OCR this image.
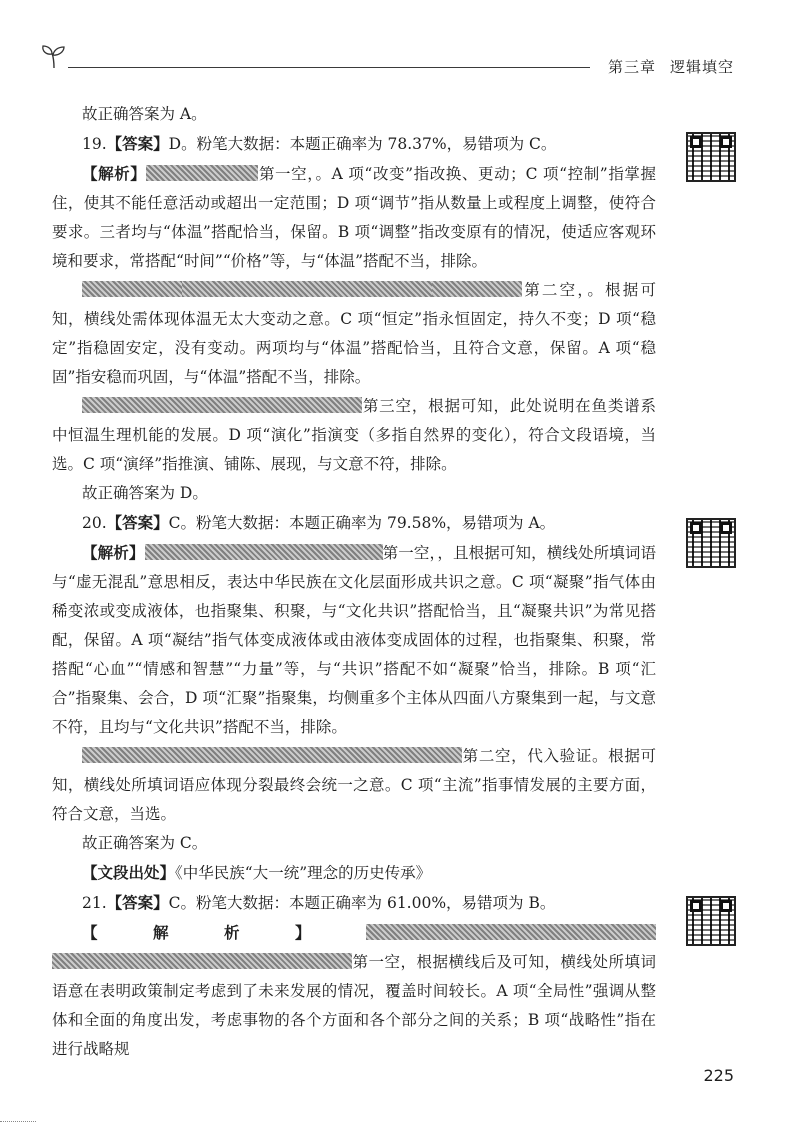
第三章 逻辑填空

故正确答案为 A。

19.【答案】D。粉笔大数据：本题正确率为 78.37%，易错项为 C。

【解析】	第一空，。A 项“改变”指改换、更动；C 项“控制”指掌握住，使其不能任意活动或超出一定范围；D 项“调节”指从数量上或程度上调整，使符合要求。三者均与“体温”搭配恰当，保留。B 项“调整”指改变原有的情况，使适应客观环境和要求，常搭配“时间”“价格”等，与“体温”搭配不当，排除。

第二空，。根据可知，横线处需体现体温无太大变动之意。C 项“恒定”指永恒固定，持久不变；D 项“稳定”指稳固安定，没有变动。两项均与“体温”搭配恰当，且符合文意，保留。A 项“稳固”指安稳而巩固，与“体温”搭配不当，排除。

第三空，根据可知，此处说明在鱼类谱系中恒温生理机能的发展。D 项“演化”指演变（多指自然界的变化），符合文段语境，当选。C 项“演绎”指推演、铺陈、展现，与文意不符，排除。

故正确答案为 D。

20.【答案】C。粉笔大数据：本题正确率为 79.58%，易错项为 A。

【解析】	第一空，，且根据可知，横线处所填词语与“虚无混乱”意思相反，表达中华民族在文化层面形成共识之意。C 项“凝聚”指气体由稀变浓或变成液体，也指聚集、积聚，与“文化共识”搭配恰当，且“凝聚共识”为常见搭配，保留。A 项“凝结”指气体变成液体或由液体变成固体的过程，也指聚集、积聚，常搭配“心血”“情感和智慧”“力量”等，与“共识”搭配不如“凝聚”恰当，排除。B 项“汇合”指聚集、会合，D 项“汇聚”指聚集，均侧重多个主体从四面八方聚集到一起，与文意不符，且均与“文化共识”搭配不当，排除。

第二空，代入验证。根据可知，横线处所填词语应体现分裂最终会统一之意。C 项“主流”指事情发展的主要方面，符合文意，当选。

故正确答案为 C。

【文段出处】《中华民族“大一统”理念的历史传承》

21.【答案】C。粉笔大数据：本题正确率为 61.00%，易错项为 B。

【解析】第一空，根据横线后及可知，横线处所填词语意在表明政策制定考虑到了未来发展的情况，覆盖时间较长。A 项“全局性”强调从整体和全面的角度出发，考虑事物的各个方面和各个部分之间的关系；B 项“战略性”指在进行战略规

225
